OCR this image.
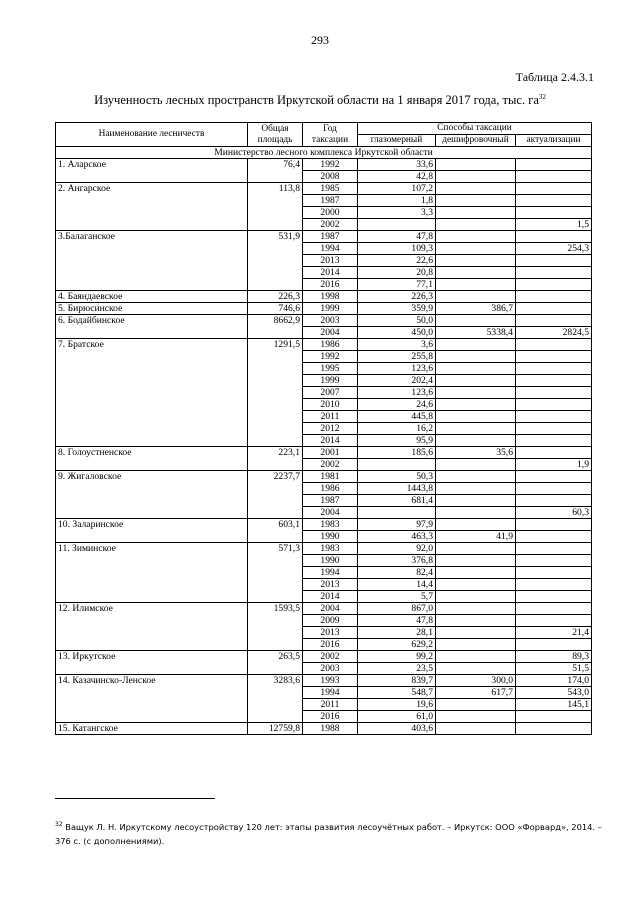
293
Таблица 2.4.3.1
Изученность лесных пространств Иркутской области на 1 января 2017 года, тыс. $га^{32}$
Наименование лесничеств	Общая площадь	Год таксации	Способы таксации		
			глазомерный	дешифровочный	актуализации
Министерство лесного комплекса Иркутской области					
1. Аларское	76,4	1992	33,6		
		2008	42,8		
2. Ангарское	113,8	1985	107,2		
		1987	1,8		
		2000	3,3		
		2002			1,5
3.Балаганское	531,9	1987	47,8		
		1994	109,3		254,3
		2013	22,6		
		2014	20,8		
		2016	77,1		
4. Баяндаевское	226,3	1998	226,3		
5. Бирюсинское	746,6	1999	359,9	386,7	
6. Бодайбинское	8662,9	2003	50,0		
		2004	450,0	5338,4	2824,5
7. Братское	1291,5	1986	3,6		
		1992	255,8		
		1995	123,6		
		1999	202,4		
		2007	123,6		
		2010	24,6		
		2011	445,8		
		2012	16,2		
		2014	95,9		
8. Голоустненское	223,1	2001	185,6	35,6	
		2002			1,9
9. Жигаловское	2237,7	1981	50,3		
		1986	1443,8		
		1987	681,4		
		2004			60,3
10. Заларинское	603,1	1983	97,9		
		1990	463,3	41,9	
11. Зиминское	571,3	1983	92,0		
		1990	376,8		
		1994	82,4		
		2013	14,4		
		2014	5,7		
12. Илимское	1593,5	2004	867,0		
		2009	47,8		
		2013	28,1		21,4
		2016	629,2		
13. Иркутское	263,5	2002	99,2		89,3
		2003	23,5		51,5
14. Казачинско-Ленское	3283,6	1993	839,7	300,0	174,0
		1994	548,7	617,7	543,0
		2011	19,6		145,1
		2016	61,0		
15. Катангское	12759,8	1988	403,6		
$^{32}$ Ващук Л. Н. Иркутскому лесоустройству 120 лет: этапы развития лесоучётных работ. – Иркутск: ООО «Форвард», 2014. – 376 с. (с дополнениями).
